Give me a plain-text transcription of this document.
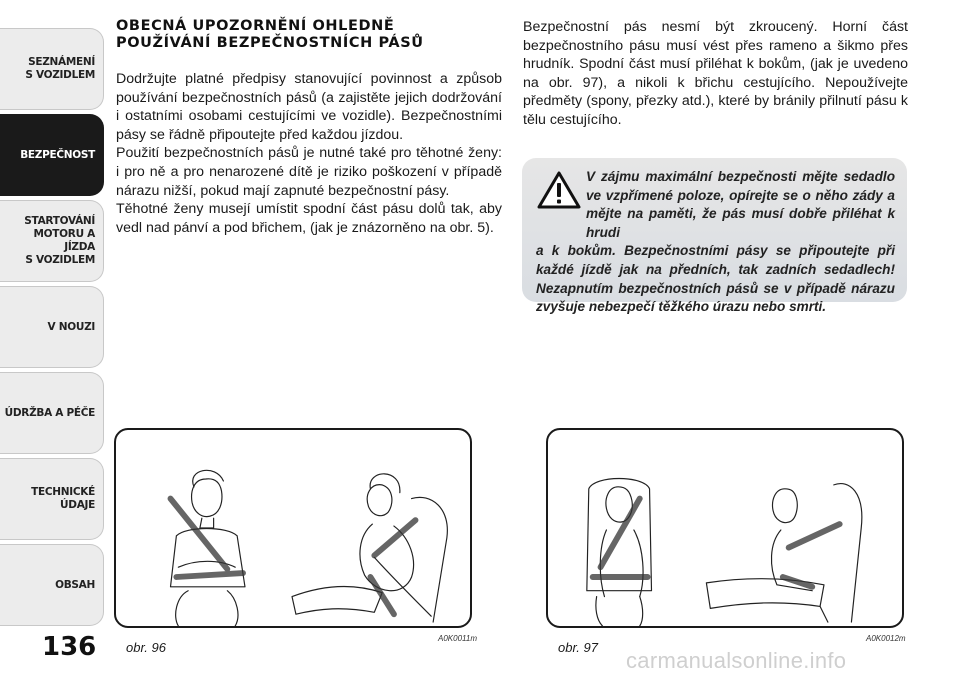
SEZNÁMENÍ
S VOZIDLEM
BEZPEČNOST
STARTOVÁNÍ
MOTORU A JÍZDA
S VOZIDLEM
V NOUZI
ÚDRŽBA A PÉČE
TECHNICKÉ
ÚDAJE
OBSAH
136
OBECNÁ UPOZORNĚNÍ OHLEDNĚ
POUŽÍVÁNÍ BEZPEČNOSTNÍCH PÁSŮ

Dodržujte platné předpisy stanovující povinnost a způsob používání bezpečnostních pásů (a zajistěte jejich dodržování i ostatními osobami cestujícími ve vozidle). Bezpečnostními pásy se řádně připoutejte před každou jízdou.

Použití bezpečnostních pásů je nutné také pro těhotné ženy: i pro ně a pro nenarozené dítě je riziko poškození v případě nárazu nižší, pokud mají zapnuté bezpečnostní pásy.

Těhotné ženy musejí umístit spodní část pásu dolů tak, aby vedl nad pánví a pod břichem, (jak je znázorněno na obr. 5).

Bezpečnostní pás nesmí být zkroucený. Horní část bezpečnostního pásu musí vést přes rameno a šikmo přes hrudník. Spodní část musí přiléhat k bokům, (jak je uvedeno na obr. 97), a nikoli k břichu cestujícího. Nepoužívejte předměty (spony, přezky atd.), které by bránily přilnutí pásu k tělu cestujícího.
V zájmu maximální bezpečnosti mějte sedadlo ve vzpřímené poloze, opírejte se o něho zády a mějte na paměti, že pás musí dobře přiléhat k hrudi
a k bokům. Bezpečnostními pásy se připoutejte při každé jízdě jak na předních, tak zadních sedadlech! Nezapnutím bezpečnostních pásů se v případě nárazu zvyšuje nebezpečí těžkého úrazu nebo smrti.
obr. 96
A0K0011m
obr. 97
A0K0012m
carmanualsonline.info
